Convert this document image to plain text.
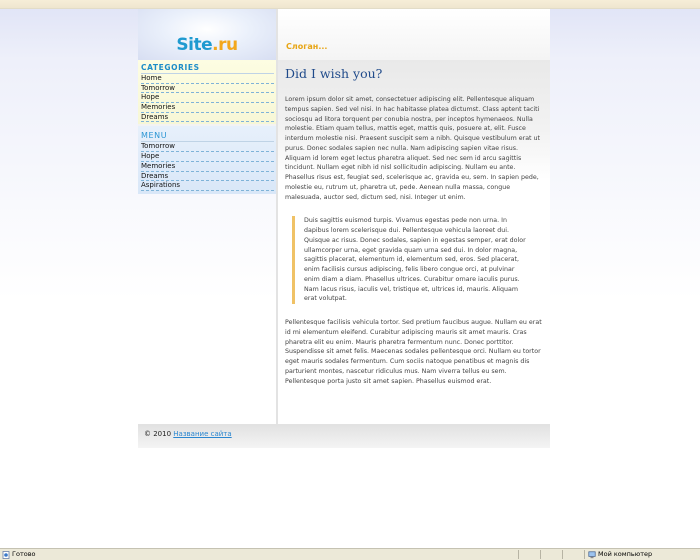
Site.ru	Слоган...
CATEGORIES
Home
Tomorrow
Hope
Memories
Dreams
MENU
Tomorrow
Hope
Memories
Dreams
Aspirations
Did I wish you?

Lorem ipsum dolor sit amet, consectetuer adipiscing elit. Pellentesque aliquam tempus sapien. Sed vel nisi. In hac habitasse platea dictumst. Class aptent taciti sociosqu ad litora torquent per conubia nostra, per inceptos hymenaeos. Nulla molestie. Etiam quam tellus, mattis eget, mattis quis, posuere at, elit. Fusce interdum molestie nisi. Praesent suscipit sem a nibh. Quisque vestibulum erat ut purus. Donec sodales sapien nec nulla. Nam adipiscing sapien vitae risus. Aliquam id lorem eget lectus pharetra aliquet. Sed nec sem id arcu sagittis tincidunt. Nullam eget nibh id nisl sollicitudin adipiscing. Nullam eu ante. Phasellus risus est, feugiat sed, scelerisque ac, gravida eu, sem. In sapien pede, molestie eu, rutrum ut, pharetra ut, pede. Aenean nulla massa, congue malesuada, auctor sed, dictum sed, nisi. Integer ut enim.

Duis sagittis euismod turpis. Vivamus egestas pede non urna. In dapibus lorem scelerisque dui. Pellentesque vehicula laoreet dui. Quisque ac risus. Donec sodales, sapien in egestas semper, erat dolor ullamcorper urna, eget gravida quam urna sed dui. In dolor magna, sagittis placerat, elementum id, elementum sed, eros. Sed placerat, enim facilisis cursus adipiscing, felis libero congue orci, at pulvinar enim diam a diam. Phasellus ultrices. Curabitur ornare iaculis purus. Nam lacus risus, iaculis vel, tristique et, ultrices id, mauris. Aliquam erat volutpat.

Pellentesque facilisis vehicula tortor. Sed pretium faucibus augue. Nullam eu erat id mi elementum eleifend. Curabitur adipiscing mauris sit amet mauris. Cras pharetra elit eu enim. Mauris pharetra fermentum nunc. Donec porttitor. Suspendisse sit amet felis. Maecenas sodales pellentesque orci. Nullam eu tortor eget mauris sodales fermentum. Cum sociis natoque penatibus et magnis dis parturient montes, nascetur ridiculus mus. Nam viverra tellus eu sem. Pellentesque porta justo sit amet sapien. Phasellus euismod erat.

© 2010 Название сайта
Готово	Мой компьютер
